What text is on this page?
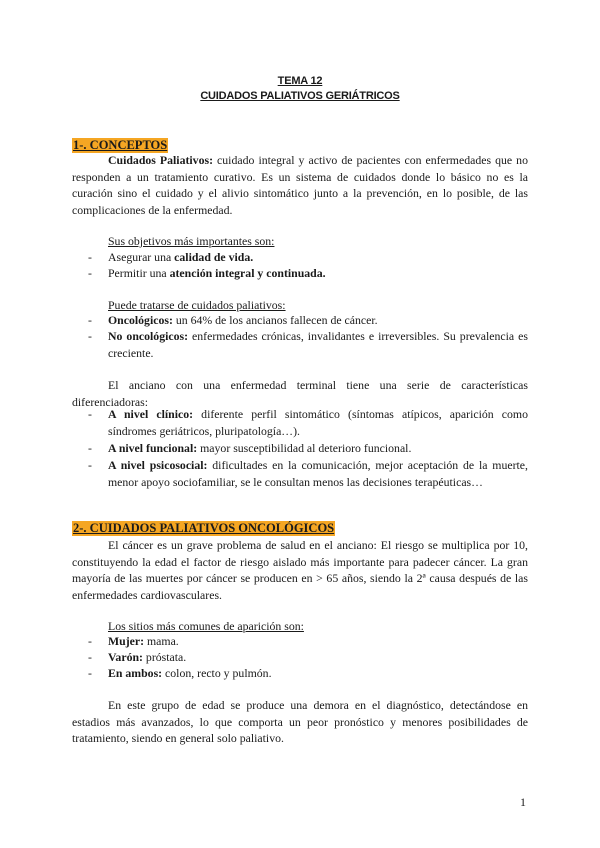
TEMA 12
CUIDADOS PALIATIVOS GERIÁTRICOS
1-. CONCEPTOS
Cuidados Paliativos: cuidado integral y activo de pacientes con enfermedades que no responden a un tratamiento curativo. Es un sistema de cuidados donde lo básico no es la curación sino el cuidado y el alivio sintomático junto a la prevención, en lo posible, de las complicaciones de la enfermedad.
Sus objetivos más importantes son:
- Asegurar una calidad de vida.
- Permitir una atención integral y continuada.
Puede tratarse de cuidados paliativos:
- Oncológicos: un 64% de los ancianos fallecen de cáncer.
- No oncológicos: enfermedades crónicas, invalidantes e irreversibles. Su prevalencia es creciente.
El anciano con una enfermedad terminal tiene una serie de características diferenciadoras:
- A nivel clínico: diferente perfil sintomático (síntomas atípicos, aparición como síndromes geriátricos, pluripatología…).
- A nivel funcional: mayor susceptibilidad al deterioro funcional.
- A nivel psicosocial: dificultades en la comunicación, mejor aceptación de la muerte, menor apoyo sociofamiliar, se le consultan menos las decisiones terapéuticas…
2-. CUIDADOS PALIATIVOS ONCOLÓGICOS
El cáncer es un grave problema de salud en el anciano: El riesgo se multiplica por 10, constituyendo la edad el factor de riesgo aislado más importante para padecer cáncer. La gran mayoría de las muertes por cáncer se producen en > 65 años, siendo la 2ª causa después de las enfermedades cardiovasculares.
Los sitios más comunes de aparición son:
- Mujer: mama.
- Varón: próstata.
- En ambos: colon, recto y pulmón.
En este grupo de edad se produce una demora en el diagnóstico, detectándose en estadios más avanzados, lo que comporta un peor pronóstico y menores posibilidades de tratamiento, siendo en general solo paliativo.
1
